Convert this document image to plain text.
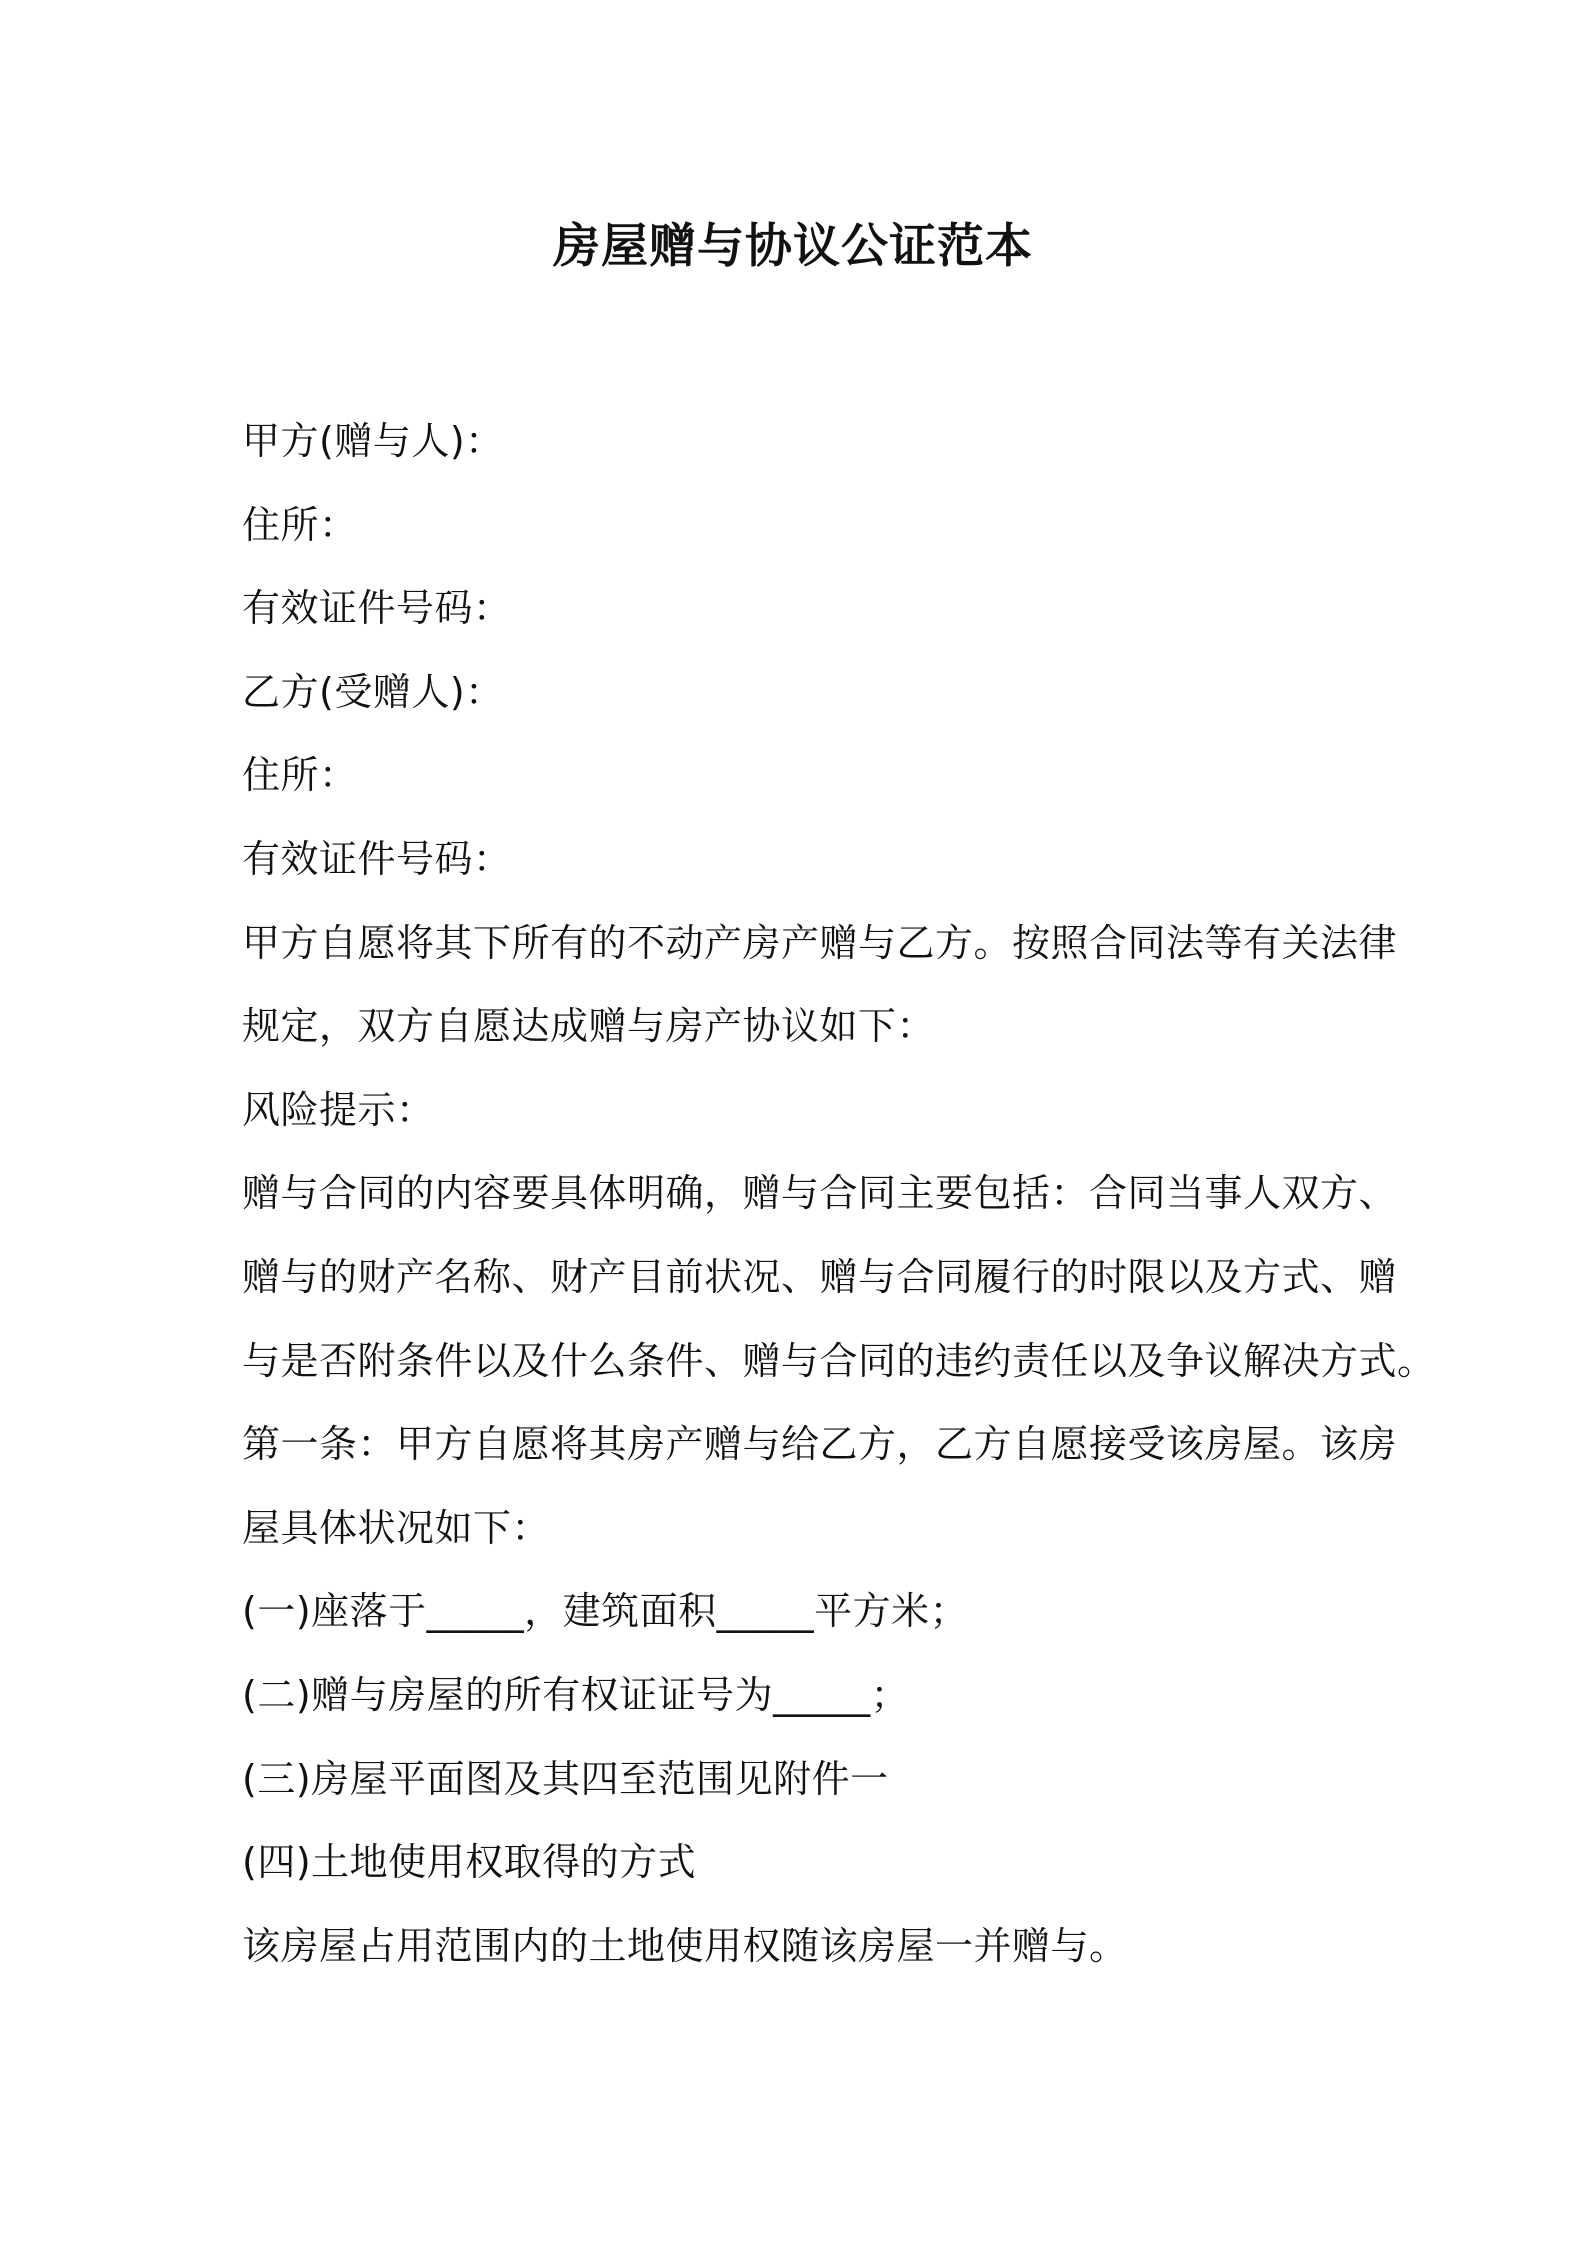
房屋赠与协议公证范本
甲方(赠与人)：
住所：
有效证件号码：
乙方(受赠人)：
住所：
有效证件号码：
甲方自愿将其下所有的不动产房产赠与乙方。按照合同法等有关法律
规定，双方自愿达成赠与房产协议如下：
风险提示：
赠与合同的内容要具体明确，赠与合同主要包括：合同当事人双方、
赠与的财产名称、财产目前状况、赠与合同履行的时限以及方式、赠
与是否附条件以及什么条件、赠与合同的违约责任以及争议解决方式。
第一条：甲方自愿将其房产赠与给乙方，乙方自愿接受该房屋。该房
屋具体状况如下：
(一)座落于_____，建筑面积_____平方米；
(二)赠与房屋的所有权证证号为_____；
(三)房屋平面图及其四至范围见附件一
(四)土地使用权取得的方式
该房屋占用范围内的土地使用权随该房屋一并赠与。
